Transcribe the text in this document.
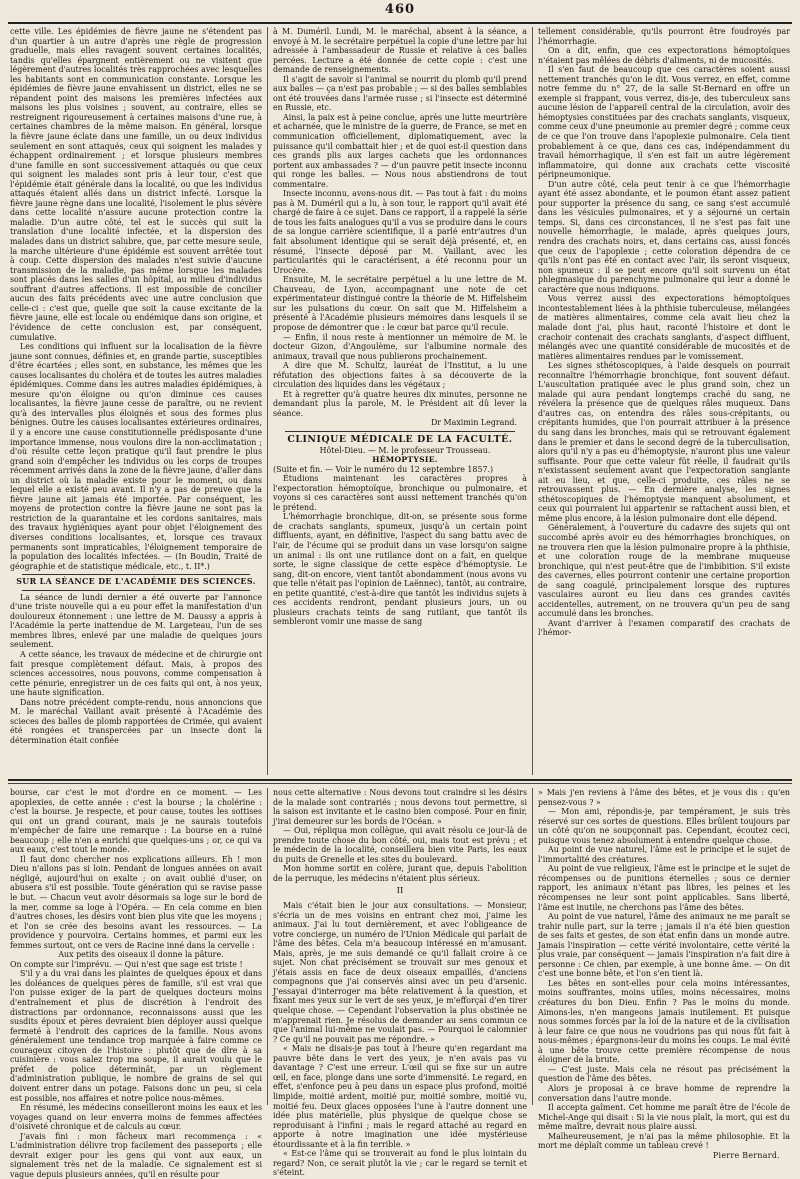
460

cette ville. Les épidémies de fièvre jaune ne s'étendent pas d'un quartier à un autre d'après une règle de progression graduelle, mais elles ravagent souvent certaines localités, tandis qu'elles épargnent entièrement ou ne visitent que légèrement d'autres localités très rapprochées avec lesquelles les habitants sont en communication constante. Lorsque les épidémies de fièvre jaune envahissent un district, elles ne se répandent point des maisons les premières infectées aux maisons les plus voisines ; souvent, au contraire, elles se restreignent rigoureusement à certaines maisons d'une rue, à certaines chambres de la même maison. En général, lorsque la fièvre jaune éclate dans une famille, un ou deux individus seulement en sont attaqués, ceux qui soignent les malades y échappent ordinairement ; et lorsque plusieurs membres d'une famille en sont successivement attaqués ou que ceux qui soignent les malades sont pris à leur tour, c'est que l'épidémie était générale dans la localité, ou que les individus attaqués étaient allés dans un district infecté. Lorsque la fièvre jaune règne dans une localité, l'isolement le plus sévère dans cette localité n'assure aucune protection contre la maladie. D'un autre côté, tel est le succès qui suit la translation d'une localité infectée, et la dispersion des malades dans un district salubre, que, par cette mesure seule, la marche ultérieure d'une épidémie est souvent arrêtée tout à coup. Cette dispersion des malades n'est suivie d'aucune transmission de la maladie, pas même lorsque les malades sont placés dans les salles d'un hôpital, au milieu d'individus souffrant d'autres affections. Il est impossible de concilier aucun des faits précédents avec une autre conclusion que celle-ci : c'est que, quelle que soit la cause excitante de la fièvre jaune, elle est locale ou endémique dans son origine, et l'évidence de cette conclusion est, par conséquent, cumulative.

Les conditions qui influent sur la localisation de la fièvre jaune sont connues, définies et, en grande partie, susceptibles d'être écartées ; elles sont, en substance, les mêmes que les causes localisantes du choléra et de toutes les autres maladies épidémiques. Comme dans les autres maladies épidémiques, à mesure qu'on éloigne ou qu'on diminue ces causes localisantes, la fièvre jaune cesse de paraître, ou ne revient qu'à des intervalles plus éloignés et sous des formes plus bénignes. Outre les causes localisantes extérieures ordinaires, il y a encore une cause constitutionnelle prédisposante d'une importance immense, nous voulons dire la non-acclimatation ; d'où résulte cette leçon pratique qu'il faut prendre le plus grand soin d'empêcher les individus ou les corps de troupes récemment arrivés dans la zone de la fièvre jaune, d'aller dans un district où la maladie existe pour le moment, ou dans lequel elle a existé peu avant. Il n'y a pas de preuve que la fièvre jaune ait jamais été importée. Par conséquent, les moyens de protection contre la fièvre jaune ne sont pas la restriction de la quarantaine et les cordons sanitaires, mais des travaux hygiéniques ayant pour objet l'éloignement des diverses conditions localisantes, et, lorsque ces travaux permanents sont impraticables, l'éloignement temporaire de la population des localités infectées. — (In Boudin, Traité de géographie et de statistique médicale, etc., t. II*.)

SUR LA SÉANCE DE L'ACADÉMIE DES SCIENCES.

La séance de lundi dernier a été ouverte par l'annonce d'une triste nouvelle qui a eu pour effet la manifestation d'un douloureux étonnement : une lettre de M. Daussy a appris à l'Académie la perte inattendue de M. Largeteau, l'un de ses membres libres, enlevé par une maladie de quelques jours seulement.

A cette séance, les travaux de médecine et de chirurgie ont fait presque complètement défaut. Mais, à propos des sciences accessoires, nous pouvons, comme compensation à cette pénurie, enregistrer un de ces faits qui ont, à nos yeux, une haute signification.

Dans notre précédent compte-rendu, nous annoncions que M. le maréchal Vaillant avait présenté à l'Académie des scieces des balles de plomb rapportées de Crimée, qui avaient été rongées et transpercées par un insecte dont la détermination était confiée

à M. Duméril. Lundi, M. le maréchal, absent à la séance, a envoyé à M. le secrétaire perpétuel la copie d'une lettre par lui adressée à l'ambassadeur de Russie et relative à ces balles percées. Lecture a été donnée de cette copie : c'est une demande de renseignements.

Il s'agit de savoir si l'animal se nourrit du plomb qu'il prend aux balles — ça n'est pas probable ; — si des balles semblables ont été trouvées dans l'armée russe ; si l'insecte est déterminé en Russie, etc.

Ainsi, la paix est à peine conclue, après une lutte meurtrière et acharnée, que le ministre de la guerre, de France, se met en communication officiellement, diplomatiquement, avec la puissance qu'il combattait hier ; et de quoi est-il question dans ces grands plis aux larges cachets que les ordonnances portent aux ambassades ? — d'un pauvre petit insecte inconnu qui ronge les balles. — Nous nous abstiendrons de tout commentaire.

Insecte inconnu, avons-nous dit. — Pas tout à fait : du moins pas à M. Duméril qui a lu, à son tour, le rapport qu'il avait été chargé de faire à ce sujet. Dans ce rapport, il a rappelé la série de tous les faits analogues qu'il a vus se produire dans le cours de sa longue carrière scientifique, il a parlé entr'autres d'un fait absolument identique qui se serait déjà présenté, et, en résumé, l'insecte déposé par M. Vaillant, avec les particularités qui le caractérisent, a été reconnu pour un Urocère.

Ensuite, M. le secrétaire perpétuel a lu une lettre de M. Chauveau, de Lyon, accompagnant une note de cet expérimentateur distingué contre la théorie de M. Hiffelsheim sur les pulsations du cœur. On sait que M. Hiffelsheim a présenté à l'Académie plusieurs mémoires dans lesquels il se propose de démontrer que : le cœur bat parce qu'il recule.

— Enfin, il nous reste à mentionner un mémoire de M. le docteur Gizon, d'Angoulème, sur l'albumine normale des animaux, travail que nous publierons prochainement.

A dire que M. Schultz, lauréat de l'Institut, a lu une réfutation des objections faites à sa découverte de la circulation des liquides dans les végétaux ;

Et à regretter qu'à quatre heures dix minutes, personne ne demandant plus la parole, M. le Président ait dû lever la séance.

Dr Maximin Legrand.

CLINIQUE MÉDICALE DE LA FACULTÉ.

Hôtel-Dieu. — M. le professeur Trousseau.

HÉMOPTYSIE.

(Suite et fin. — Voir le numéro du 12 septembre 1857.)

Étudions maintenant les caractères propres à l'expectoration hémoptoïque, bronchique ou pulmonaire, et voyons si ces caractères sont aussi nettement tranchés qu'on le prétend.

L'hémorrhagie bronchique, dit-on, se présente sous forme de crachats sanglants, spumeux, jusqu'à un certain point diffluents, ayant, en définitive, l'aspect du sang battu avec de l'air, de l'écume qui se produit dans un vase lorsqu'on saigne un animal : ils ont une rutilance dont on a fait, en quelque sorte, le signe classique de cette espèce d'hémoptysie. Le sang, dit-on encore, vient tantôt abondamment (nous avons vu que telle n'était pas l'opinion de Laënnec), tantôt, au contraire, en petite quantité, c'est-à-dire que tantôt les individus sujets à ces accidents rendront, pendant plusieurs jours, un ou plusieurs crachats teints de sang rutilant, que tantôt ils sembleront vomir une masse de sang

tellement considérable, qu'ils pourront être foudroyés par l'hémorrhagie.

On a dit, enfin, que ces expectorations hémoptoïques n'étaient pas mêlées de débris d'aliments, ni de mucosités.

Il s'en faut de beaucoup que ces caractères soient aussi nettement tranchés qu'on le dit. Vous verrez, en effet, comme notre femme du n° 27, de la salle St-Bernard en offre un exemple si frappant, vous verrez, dis-je, des tuberculeux sans aucune lésion de l'appareil central de la circulation, avoir des hémoptysies constituées par des crachats sanglants, visqueux, comme ceux d'une pneumonie au premier degré ; comme ceux de ce que l'on trouve dans l'apoplexie pulmonaire. Cela tient probablement à ce que, dans ces cas, indépendamment du travail hémorrhagique, il s'en est fait un autre légèrement inflammatoire, qui donne aux crachats cette viscosité péripneumonique.

D'un autre côté, cela peut tenir à ce que l'hémorrhagie ayant été assez abondante, et le poumon étant assez patient pour supporter la présence du sang, ce sang s'est accumulé dans les vésicules pulmonaires, et y a séjourné un certain temps. Si, dans ces circonstances, il ne s'est pas fait une nouvelle hémorrhagie, le malade, après quelques jours, rendra des crachats noirs, et, dans certains cas, aussi foncés que ceux de l'apoplexie ; cette coloration dépendra de ce qu'ils n'ont pas été en contact avec l'air, ils seront visqueux, non spumeux : il se peut encore qu'il soit survenu un état phlegmasique du parenchyme pulmonaire qui leur a donné le caractère que nous indiquons.

Vous verrez aussi des expectorations hémoptoïques incontestablement liées à la phthisie tuberculeuse, mélangées de matières alimentaires, comme cela avait lieu chez la malade dont j'ai, plus haut, raconté l'histoire et dont le crachoir contenait des crachats sanglants, d'aspect diffluent, mélangés avec une quantité considérable de mucosités et de matières alimentaires rendues par le vomissement.

Les signes sthétoscopiques, à l'aide desquels on pourrait reconnaître l'hémorrhagie bronchique, font souvent défaut. L'auscultation pratiquée avec le plus grand soin, chez un malade qui aura pendant longtemps craché du sang, ne révélera la présence que de quelques râles muqueux. Dans d'autres cas, on entendra des râles sous-crépitants, ou crépitants humides, que l'on pourrait attribuer à la présence du sang dans les bronches, mais qui se retrouvant également dans le premier et dans le second degré de la tuberculisation, alors qu'il n'y a pas eu d'hémoptysie, n'auront plus une valeur suffisante. Pour que cette valeur fût réelle, il faudrait qu'ils n'existassent seulement avant que l'expectoration sanglante ait eu lieu, et que, celle-ci produite, ces râles ne se retrouvassent plus. — En dernière analyse, les signes sthétoscopiques de l'hémoptysie manquent absolument, et ceux qui pourraient lui appartenir se rattachent aussi bien, et même plus encore, à la lésion pulmonaire dont elle dépend.

Généralement, à l'ouverture du cadavre des sujets qui ont succombé après avoir eu des hémorrhagies bronchiques, on ne trouvera rien que la lésion pulmonaire propre à la phthisie, et une coloration rouge de la membrane muqueuse bronchique, qui n'est peut-être que de l'imbibition. S'il existe des cavernes, elles pourront contenir une certaine proportion de sang coagulé, principalement lorsque des ruptures vasculaires auront eu lieu dans ces grandes cavités accidentelles, autrement, on ne trouvera qu'un peu de sang accumulé dans les bronches.

Avant d'arriver à l'examen comparatif des crachats de l'hémor-

bourse, car c'est le mot d'ordre en ce moment. — Les apoplexies, de cette année : c'est la bourse ; la cholérine : c'est la bourse. Je respecte, et pour cause, toutes les sottises qui ont un grand courant, mais je ne saurais toutefois m'empêcher de faire une remarque : La bourse en a ruiné beaucoup ; elle n'en a enrichi que quelques-uns ; or, ce qui va aux eaux, c'est tout le monde.

Il faut donc chercher nos explications ailleurs. Eh ! mon Dieu n'allons pas si loin. Pendant de longues années on avait négligé, aujourd'hui on exalte ; on avait oublié d'user, on abusera s'il est possible. Toute génération qui se ravise passe le but. — Chacun veut avoir désormais sa loge sur le bord de la mer, comme sa loge à l'Opéra. — En cela comme en bien d'autres choses, les désirs vont bien plus vite que les moyens ; et l'on se crée des besoins avant les ressources. — La providence y pourvoira. Certains hommes, et parmi eux les femmes surtout, ont ce vers de Racine inné dans la cervelle :

Aux petits des oiseaux il donne la pâture.

On compte sur l'imprévu. — Qui n'est que sage est triste !

S'il y a du vrai dans les plaintes de quelques époux et dans les doléances de quelques pères de famille, s'il est vrai que l'on puisse exiger de la part de quelques docteurs moins d'entraînement et plus de discrétion à l'endroit des distractions par ordonnance, reconnaissons aussi que les susdits époux et pères devraient bien déployer aussi quelque fermeté à l'endroit des caprices de la famille. Nous avons généralement une tendance trop marquée à faire comme ce courageux citoyen de l'histoire : plutôt que de dîre à sa cuisinière : vous salez trop ma soupe, il aurait voulu que le préfet de police déterminât, par un règlement d'administration publique, le nombre de grains de sel qui doivent entrer dans un potage. Faisons donc un peu, si cela est possible, nos affaires et notre police nous-mêmes.

En résumé, les médecins conseilleront moins les eaux et les voyages quand on leur enverra moins de femmes affectées d'oisiveté chronique et de calculs au cœur.

J'avais fini : mon fâcheux mari recommença : « L'administration délivre trop facilement des passeports ; elle devrait exiger pour les gens qui vont aux eaux, un signalement très net de la maladie. Ce signalement est si vague depuis plusieurs années, qu'il en résulte pour

nous cette alternative : Nous devons tout craindre si les désirs de la malade sont contrariés ; nous devons tout permettre, si la saison est invitante et le casino bien composé. Pour en finir, j'irai demeurer sur les bords de l'Océan. »

— Oui, répliqua mon collègue, qui avait résolu ce jour-là de prendre toute chose du bon côté, oui, mais tout est prévu ; et le médecin de la localité, conseillera bien vite Paris, les eaux du puits de Grenelle et les sites du boulevard.

Mon homme sortit en colère, jurant que, depuis l'abolition de la perruque, les médecins n'étaient plus sérieux.

II

Mais c'était bien le jour aux consultations. — Monsieur, s'écria un de mes voisins en entrant chez moi, j'aime les animaux. J'ai lu tout dernièrement, et avec l'obligeance de votre concierge, un numéro de l'Union Médicale qui parlait de l'âme des bêtes. Cela m'a beaucoup intéressé en m'amusant. Mais, après, je me suis demandé ce qu'il fallait croire à ce sujet. Non chat précisément se trouvait sur mes genoux et j'étais assis en face de deux oiseaux empaillés, d'anciens compagnons que j'ai conservés ainsi avec un peu d'arsenic. J'essayai d'interroger ma bête relativement à la question, et fixant mes yeux sur le vert de ses yeux, je m'efforçai d'en tirer quelque chose. — Cependant l'observation la plus obstinée ne m'apprenait rien. Je résolus de demander au sens commun ce que l'animal lui-même ne voulait pas. — Pourquoi le calomnier ? Ce qu'il ne pouvait pas me répondre. »

« Mais ne disais-je pas tout à l'heure qu'en regardant ma pauvre bête dans le vert des yeux, je n'en avais pas vu davantage ? C'est une erreur. L'œil qui se fixe sur un autre œil, en face, plonge dans une sorte d'immensité. Le regard, en effet, s'enfonce peu à peu dans un espace plus profond, moitié limpide, moitié ardent, moitié pur, moitié sombre, moitié vu, moitié feu. Deux glaces opposées l'une à l'autre donnent une idée plus matérielle, plus physique de quelque chose se reproduisant à l'infini ; mais le regard attaché au regard en apporte à notre imagination une idée mystérieuse étourdissante et à la fin terrible. »

« Est-ce l'âme qui se trouverait au fond le plus lointain du regard? Non, ce serait plutôt la vie ; car le regard se ternit et s'éteint.

» Mais j'en reviens à l'âme des bêtes, et je vous dis : qu'en pensez-vous ? »

— Mon ami, répondis-je, par tempérament, je suis très réservé sur ces sortes de questions. Elles brûlent toujours par un côté qu'on ne soupçonnait pas. Cependant, écoutez ceci, puisque vous tenez absolument à entendre quelque chose.

Au point de vue naturel, l'âme est le principe et le sujet de l'immortalité des créatures.

Au point de vue religieux, l'âme est le principe et le sujet de récompenses ou de punitions éternelles ; sous ce dernier rapport, les animaux n'étant pas libres, les peines et les récompenses ne leur sont point applicables. Sans liberté, l'âme est inutile, ne cherchons pas l'âme des bêtes.

Au point de vue naturel, l'âme des animaux ne me paraît se trahir nulle part, sur la terre ; jamais il n'a été bien question de ses faits et gestes, de son état enfin dans un monde autre. Jamais l'inspiration — cette vérité involontaire, cette vérité la plus vraie, par conséquent — jamais l'inspiration n'a fait dire à personne : Ce chien, par exemple, à une bonne âme. — On dit c'est une bonne bête, et l'on s'en tient là.

Les bêtes en sont-elles pour cela moins intéressantes, moins souffrantes, moins utiles, moins nécessaires, moins créatures du bon Dieu. Enfin ? Pas le moins du monde. Aimons-les, n'en mangeons jamais inutilement. Et puisque nous sommes forcés par la loi de la nature et de la civilisation à leur faire ce que nous ne voudrions pas qui nous fût fait à nous-mêmes ; épargnons-leur du moins les coups. Le mal évité à une bête trouve cette première récompense de nous éloigner de la brute.

— C'est juste. Mais cela ne résout pas précisément la question de l'âme des bêtes.

Alors je proposai à ce brave homme de reprendre la conversation dans l'autre monde.

Il accepta gaîment. Cet homme me paraît être de l'école de Michel-Ange qui disait : Si la vie nous plaît, la mort, qui est du même maître, devrait nous plaire aussi.

Malheureusement, je n'ai pas la même philosophie. Et la mort me déplaît comme un tableau crevé !

Pierre Bernard.
